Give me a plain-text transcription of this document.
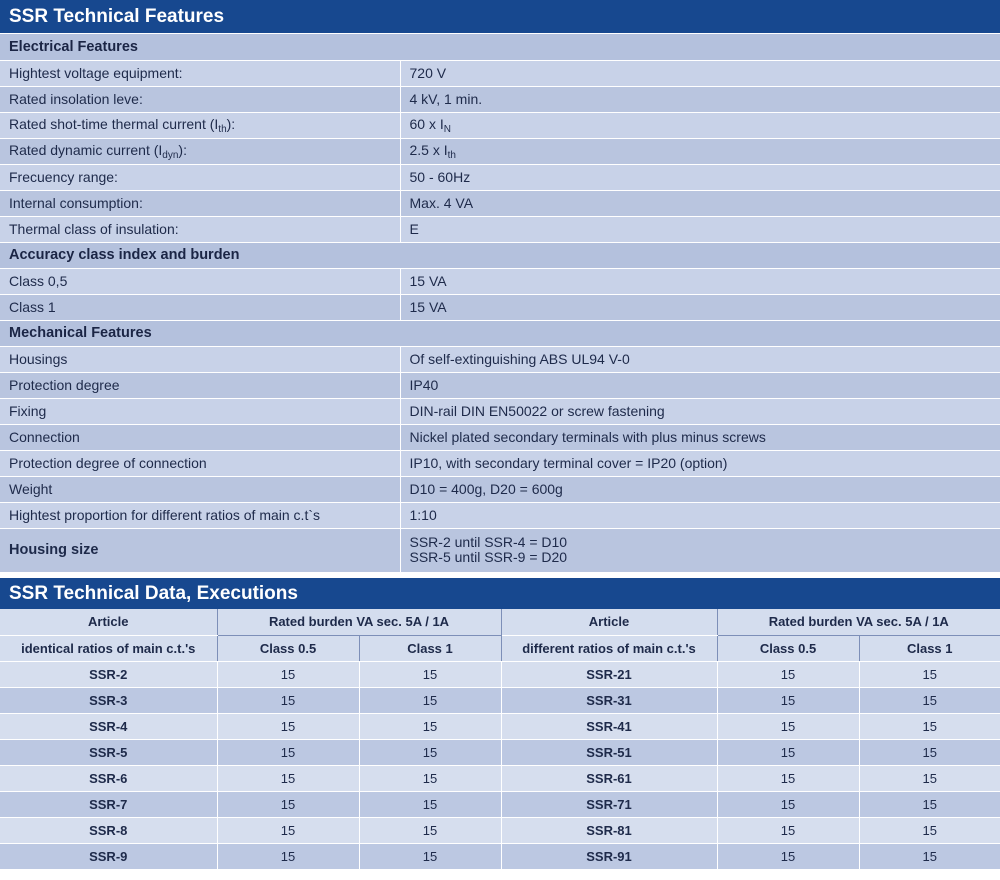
SSR Technical Features
Electrical Features	
Hightest voltage equipment:	720 V
Rated insolation leve:	4 kV, 1 min.
Rated shot-time thermal current $(I_{th})$:	60 x $I_N$
Rated dynamic current $(I_{dyn})$:	2.5 x $I_{th}$
Frecuency range:	50 - 60Hz
Internal consumption:	Max. 4 VA
Thermal class of insulation:	E
Accuracy class index and burden	
Class 0,5	15 VA
Class 1	15 VA
Mechanical Features	
Housings	Of self-extinguishing ABS UL94 V-0
Protection degree	IP40
Fixing	DIN-rail DIN EN50022 or screw fastening
Connection	Nickel plated secondary terminals with plus minus screws
Protection degree of connection	IP10, with secondary terminal cover = IP20 (option)
Weight	D10 = 400g, D20 = 600g
Hightest proportion for different ratios of main c.t`s	1:10
Housing size	SSR-2 until SSR-4 = D10
SSR-5 until SSR-9 = D20
SSR Technical Data, Executions
Article	Rated burden VA sec. 5A / 1A		Article	Rated burden VA sec. 5A / 1A	
identical ratios of main c.t.'s	Class 0.5	Class 1	different ratios of main c.t.'s	Class 0.5	Class 1
SSR-2	15	15	SSR-21	15	15
SSR-3	15	15	SSR-31	15	15
SSR-4	15	15	SSR-41	15	15
SSR-5	15	15	SSR-51	15	15
SSR-6	15	15	SSR-61	15	15
SSR-7	15	15	SSR-71	15	15
SSR-8	15	15	SSR-81	15	15
SSR-9	15	15	SSR-91	15	15
